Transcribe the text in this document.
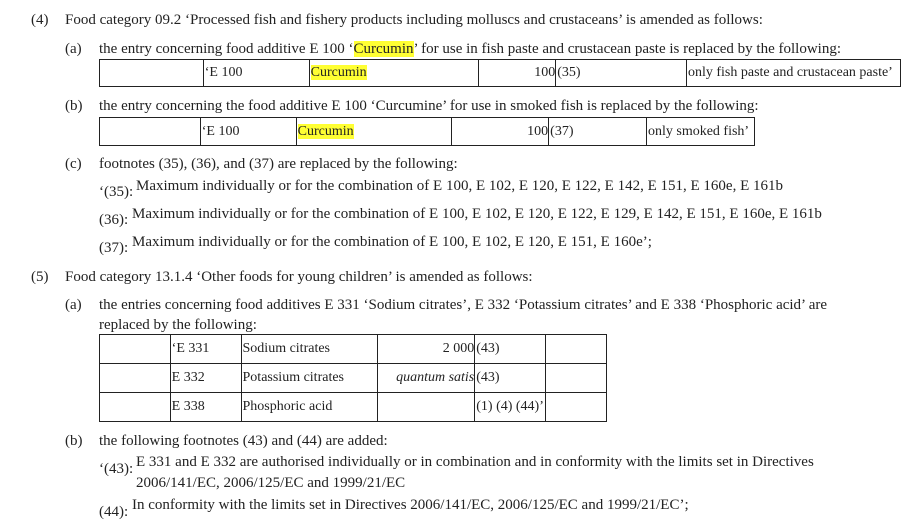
(4) Food category 09.2 ‘Processed fish and fishery products including molluscs and crustaceans’ is amended as follows:
(a) the entry concerning food additive E 100 ‘Curcumin’ for use in fish paste and crustacean paste is replaced by the following:
	‘E 100	Curcumin	100	(35)	only fish paste and crustacean paste’
(b) the entry concerning the food additive E 100 ‘Curcumine’ for use in smoked fish is replaced by the following:
	‘E 100	Curcumin	100	(37)	only smoked fish’
(c) footnotes (35), (36), and (37) are replaced by the following:
‘(35): Maximum individually or for the combination of E 100, E 102, E 120, E 122, E 142, E 151, E 160e, E 161b
(36): Maximum individually or for the combination of E 100, E 102, E 120, E 122, E 129, E 142, E 151, E 160e, E 161b
(37): Maximum individually or for the combination of E 100, E 102, E 120, E 151, E 160e’;
(5) Food category 13.1.4 ‘Other foods for young children’ is amended as follows:
(a) the entries concerning food additives E 331 ‘Sodium citrates’, E 332 ‘Potassium citrates’ and E 338 ‘Phosphoric acid’ are
replaced by the following:
	‘E 331	Sodium citrates	2 000	(43)	
	E 332	Potassium citrates	quantum satis	(43)	
	E 338	Phosphoric acid		(1) (4) (44)’	
(b) the following footnotes (43) and (44) are added:
‘(43): E 331 and E 332 are authorised individually or in combination and in conformity with the limits set in Directives
2006/141/EC, 2006/125/EC and 1999/21/EC
(44): In conformity with the limits set in Directives 2006/141/EC, 2006/125/EC and 1999/21/EC’;
